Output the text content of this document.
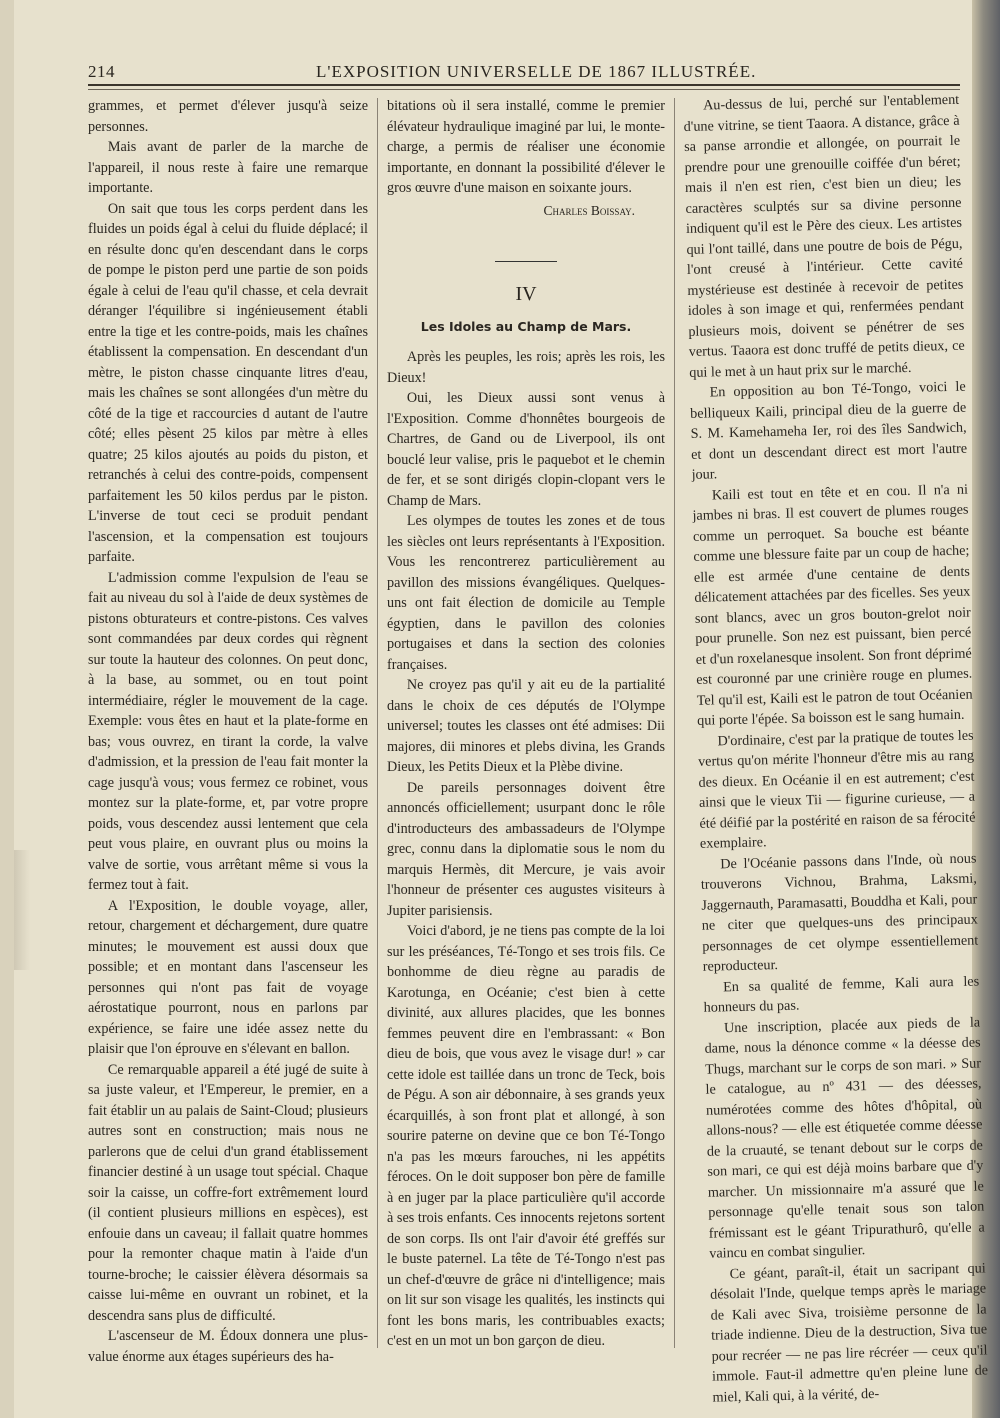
214	L'EXPOSITION UNIVERSELLE DE 1867 ILLUSTRÉE.

grammes, et permet d'élever jusqu'à seize personnes.

Mais avant de parler de la marche de l'appareil, il nous reste à faire une remarque importante.

On sait que tous les corps perdent dans les fluides un poids égal à celui du fluide déplacé; il en résulte donc qu'en descendant dans le corps de pompe le piston perd une partie de son poids égale à celui de l'eau qu'il chasse, et cela devrait déranger l'équilibre si ingénieusement établi entre la tige et les contre-poids, mais les chaînes établissent la compensation. En descendant d'un mètre, le piston chasse cinquante litres d'eau, mais les chaînes se sont allongées d'un mètre du côté de la tige et raccourcies d autant de l'autre côté; elles pèsent 25 kilos par mètre à elles quatre; 25 kilos ajoutés au poids du piston, et retranchés à celui des contre-poids, compensent parfaitement les 50 kilos perdus par le piston. L'inverse de tout ceci se produit pendant l'ascension, et la compensation est toujours parfaite.

L'admission comme l'expulsion de l'eau se fait au niveau du sol à l'aide de deux systèmes de pistons obturateurs et contre-pistons. Ces valves sont commandées par deux cordes qui règnent sur toute la hauteur des colonnes. On peut donc, à la base, au sommet, ou en tout point intermédiaire, régler le mouvement de la cage. Exemple: vous êtes en haut et la plate-forme en bas; vous ouvrez, en tirant la corde, la valve d'admission, et la pression de l'eau fait monter la cage jusqu'à vous; vous fermez ce robinet, vous montez sur la plate-forme, et, par votre propre poids, vous descendez aussi lentement que cela peut vous plaire, en ouvrant plus ou moins la valve de sortie, vous arrêtant même si vous la fermez tout à fait.

A l'Exposition, le double voyage, aller, retour, chargement et déchargement, dure quatre minutes; le mouvement est aussi doux que possible; et en montant dans l'ascenseur les personnes qui n'ont pas fait de voyage aérostatique pourront, nous en parlons par expérience, se faire une idée assez nette du plaisir que l'on éprouve en s'élevant en ballon.

Ce remarquable appareil a été jugé de suite à sa juste valeur, et l'Empereur, le premier, en a fait établir un au palais de Saint-Cloud; plusieurs autres sont en construction; mais nous ne parlerons que de celui d'un grand établissement financier destiné à un usage tout spécial. Chaque soir la caisse, un coffre-fort extrêmement lourd (il contient plusieurs millions en espèces), est enfouie dans un caveau; il fallait quatre hommes pour la remonter chaque matin à l'aide d'un tourne-broche; le caissier élèvera désormais sa caisse lui-même en ouvrant un robinet, et la descendra sans plus de difficulté.

L'ascenseur de M. Édoux donnera une plus-value énorme aux étages supérieurs des ha-

bitations où il sera installé, comme le premier élévateur hydraulique imaginé par lui, le monte-charge, a permis de réaliser une économie importante, en donnant la possibilité d'élever le gros œuvre d'une maison en soixante jours.

Charles Boissay.
IV
Les Idoles au Champ de Mars.

Après les peuples, les rois; après les rois, les Dieux!

Oui, les Dieux aussi sont venus à l'Exposition. Comme d'honnêtes bourgeois de Chartres, de Gand ou de Liverpool, ils ont bouclé leur valise, pris le paquebot et le chemin de fer, et se sont dirigés clopin-clopant vers le Champ de Mars.

Les olympes de toutes les zones et de tous les siècles ont leurs représentants à l'Exposition. Vous les rencontrerez particulièrement au pavillon des missions évangéliques. Quelques-uns ont fait élection de domicile au Temple égyptien, dans le pavillon des colonies portugaises et dans la section des colonies françaises.

Ne croyez pas qu'il y ait eu de la partialité dans le choix de ces députés de l'Olympe universel; toutes les classes ont été admises: Dii majores, dii minores et plebs divina, les Grands Dieux, les Petits Dieux et la Plèbe divine.

De pareils personnages doivent être annoncés officiellement; usurpant donc le rôle d'introducteurs des ambassadeurs de l'Olympe grec, connu dans la diplomatie sous le nom du marquis Hermès, dit Mercure, je vais avoir l'honneur de présenter ces augustes visiteurs à Jupiter parisiensis.

Voici d'abord, je ne tiens pas compte de la loi sur les préséances, Té-Tongo et ses trois fils. Ce bonhomme de dieu règne au paradis de Karotunga, en Océanie; c'est bien à cette divinité, aux allures placides, que les bonnes femmes peuvent dire en l'embrassant: « Bon dieu de bois, que vous avez le visage dur! » car cette idole est taillée dans un tronc de Teck, bois de Pégu. A son air débonnaire, à ses grands yeux écarquillés, à son front plat et allongé, à son sourire paterne on devine que ce bon Té-Tongo n'a pas les mœurs farouches, ni les appétits féroces. On le doit supposer bon père de famille à en juger par la place particulière qu'il accorde à ses trois enfants. Ces innocents rejetons sortent de son corps. Ils ont l'air d'avoir été greffés sur le buste paternel. La tête de Té-Tongo n'est pas un chef-d'œuvre de grâce ni d'intelligence; mais on lit sur son visage les qualités, les instincts qui font les bons maris, les contribuables exacts; c'est en un mot un bon garçon de dieu.

Au-dessus de lui, perché sur l'entablement d'une vitrine, se tient Taaora. A distance, grâce à sa panse arrondie et allongée, on pourrait le prendre pour une grenouille coiffée d'un béret; mais il n'en est rien, c'est bien un dieu; les caractères sculptés sur sa divine personne indiquent qu'il est le Père des cieux. Les artistes qui l'ont taillé, dans une poutre de bois de Pégu, l'ont creusé à l'intérieur. Cette cavité mystérieuse est destinée à recevoir de petites idoles à son image et qui, renfermées pendant plusieurs mois, doivent se pénétrer de ses vertus. Taaora est donc truffé de petits dieux, ce qui le met à un haut prix sur le marché.

En opposition au bon Té-Tongo, voici le belliqueux Kaili, principal dieu de la guerre de S. M. Kamehameha Ier, roi des îles Sandwich, et dont un descendant direct est mort l'autre jour.

Kaili est tout en tête et en cou. Il n'a ni jambes ni bras. Il est couvert de plumes rouges comme un perroquet. Sa bouche est béante comme une blessure faite par un coup de hache; elle est armée d'une centaine de dents délicatement attachées par des ficelles. Ses yeux sont blancs, avec un gros bouton-grelot noir pour prunelle. Son nez est puissant, bien percé et d'un roxelanesque insolent. Son front déprimé est couronné par une crinière rouge en plumes. Tel qu'il est, Kaili est le patron de tout Océanien qui porte l'épée. Sa boisson est le sang humain.

D'ordinaire, c'est par la pratique de toutes les vertus qu'on mérite l'honneur d'être mis au rang des dieux. En Océanie il en est autrement; c'est ainsi que le vieux Tii — figurine curieuse, — a été déifié par la postérité en raison de sa férocité exemplaire.

De l'Océanie passons dans l'Inde, où nous trouverons Vichnou, Brahma, Laksmi, Jaggernauth, Paramasatti, Bouddha et Kali, pour ne citer que quelques-uns des principaux personnages de cet olympe essentiellement reproducteur.

En sa qualité de femme, Kali aura les honneurs du pas.

Une inscription, placée aux pieds de la dame, nous la dénonce comme « la déesse des Thugs, marchant sur le corps de son mari. » Sur le catalogue, au nº 431 — des déesses, numérotées comme des hôtes d'hôpital, où allons-nous? — elle est étiquetée comme déesse de la cruauté, se tenant debout sur le corps de son mari, ce qui est déjà moins barbare que d'y marcher. Un missionnaire m'a assuré que le personnage qu'elle tenait sous son talon frémissant est le géant Tripurathurô, qu'elle a vaincu en combat singulier.

Ce géant, paraît-il, était un sacripant qui désolait l'Inde, quelque temps après le mariage de Kali avec Siva, troisième personne de la triade indienne. Dieu de la destruction, Siva tue pour recréer — ne pas lire récréer — ceux qu'il immole. Faut-il admettre qu'en pleine lune de miel, Kali qui, à la vérité, de-
